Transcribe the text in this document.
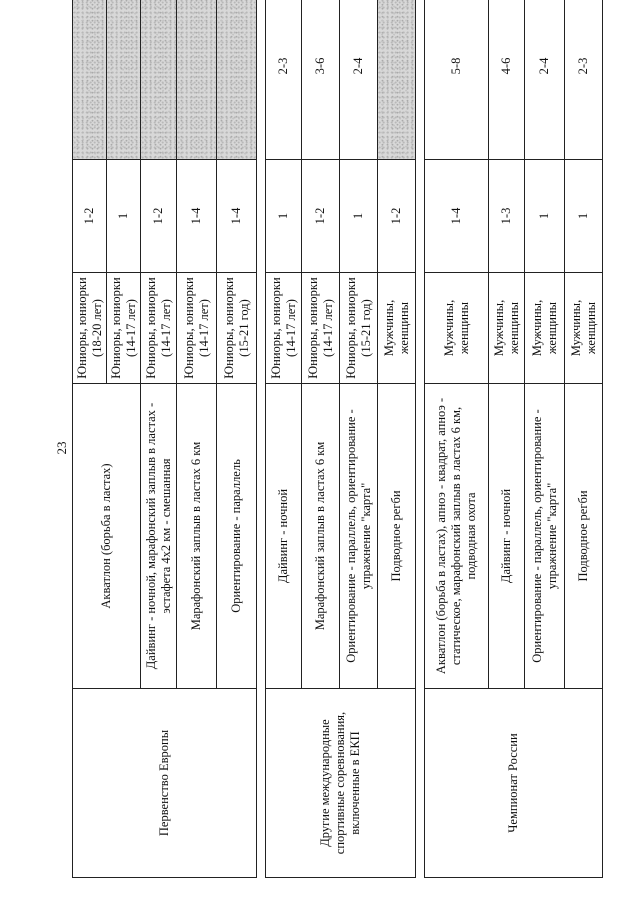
23
Первенство Европы	Акватлон (борьба в ластах)	Юниоры, юниорки (18-20 лет)	1-2	
		Юниоры, юниорки (14-17 лет)	1	
	Дайвинг - ночной, марафонский заплыв в ластах - эстафета 4х2 км - смешанная	Юниоры, юниорки (14-17 лет)	1-2	
	Марафонский заплыв в ластах 6 км	Юниоры, юниорки (14-17 лет)	1-4	
	Ориентирование - параллель	Юниоры, юниорки (15-21 год)	1-4	

Другие международные спортивные соревнования, включенные в ЕКП	Дайвинг - ночной	Юниоры, юниорки (14-17 лет)	1	2-3
	Марафонский заплыв в ластах 6 км	Юниоры, юниорки (14-17 лет)	1-2	3-6
	Ориентирование - параллель, ориентирование - упражнение "карта"	Юниоры, юниорки (15-21 год)	1	2-4
	Подводное регби	Мужчины, женщины	1-2	

Чемпионат России	Акватлон (борьба в ластах), апноэ - квадрат, апноэ - статическое, марафонский заплыв в ластах 6 км, подводная охота	Мужчины, женщины	1-4	5-8
	Дайвинг - ночной	Мужчины, женщины	1-3	4-6
	Ориентирование - параллель, ориентирование - упражнение "карта"	Мужчины, женщины	1	2-4
	Подводное регби	Мужчины, женщины	1	2-3
